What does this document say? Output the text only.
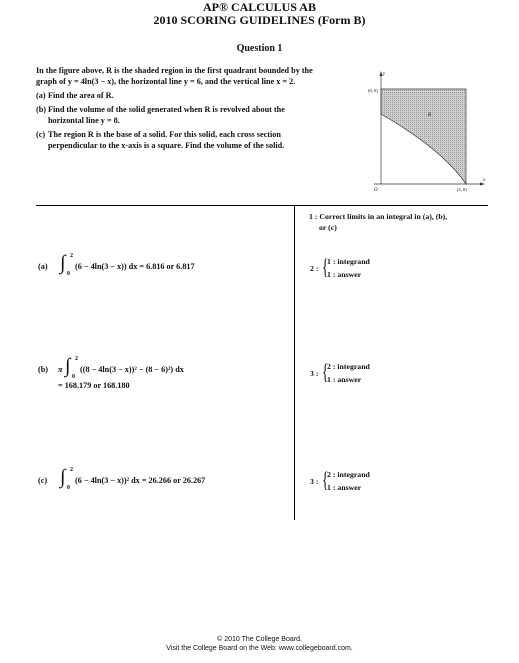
AP® CALCULUS AB
2010 SCORING GUIDELINES (Form B)
Question 1
In the figure above, R is the shaded region in the first quadrant bounded by the
graph of y = 4ln(3 − x), the horizontal line y = 6, and the vertical line x = 2.
(a) Find the area of R.
(b) Find the volume of the solid generated when R is revolved about the
horizontal line y = 8.
(c) The region R is the base of a solid. For this solid, each cross section
perpendicular to the x-axis is a square. Find the volume of the solid.
y
x
O
(0, 6)
(2, 0)
R
1 : Correct limits in an integral in (a), (b),
or (c)
(a) ∫ 2
0
(6 − 4ln(3 − x)) dx = 6.816 or 6.817	2 : {
1 : integrand
1 : answer
(b) π ∫ 2
0
((8 − 4ln(3 − x))² − (8 − 6)²) dx
= 168.179 or 168.180
3 : {
2 : integrand
1 : answer
(c) ∫ 2
0
(6 − 4ln(3 − x))² dx = 26.266 or 26.267	3 : {
2 : integrand
1 : answer
© 2010 The College Board.
Visit the College Board on the Web: www.collegeboard.com.
